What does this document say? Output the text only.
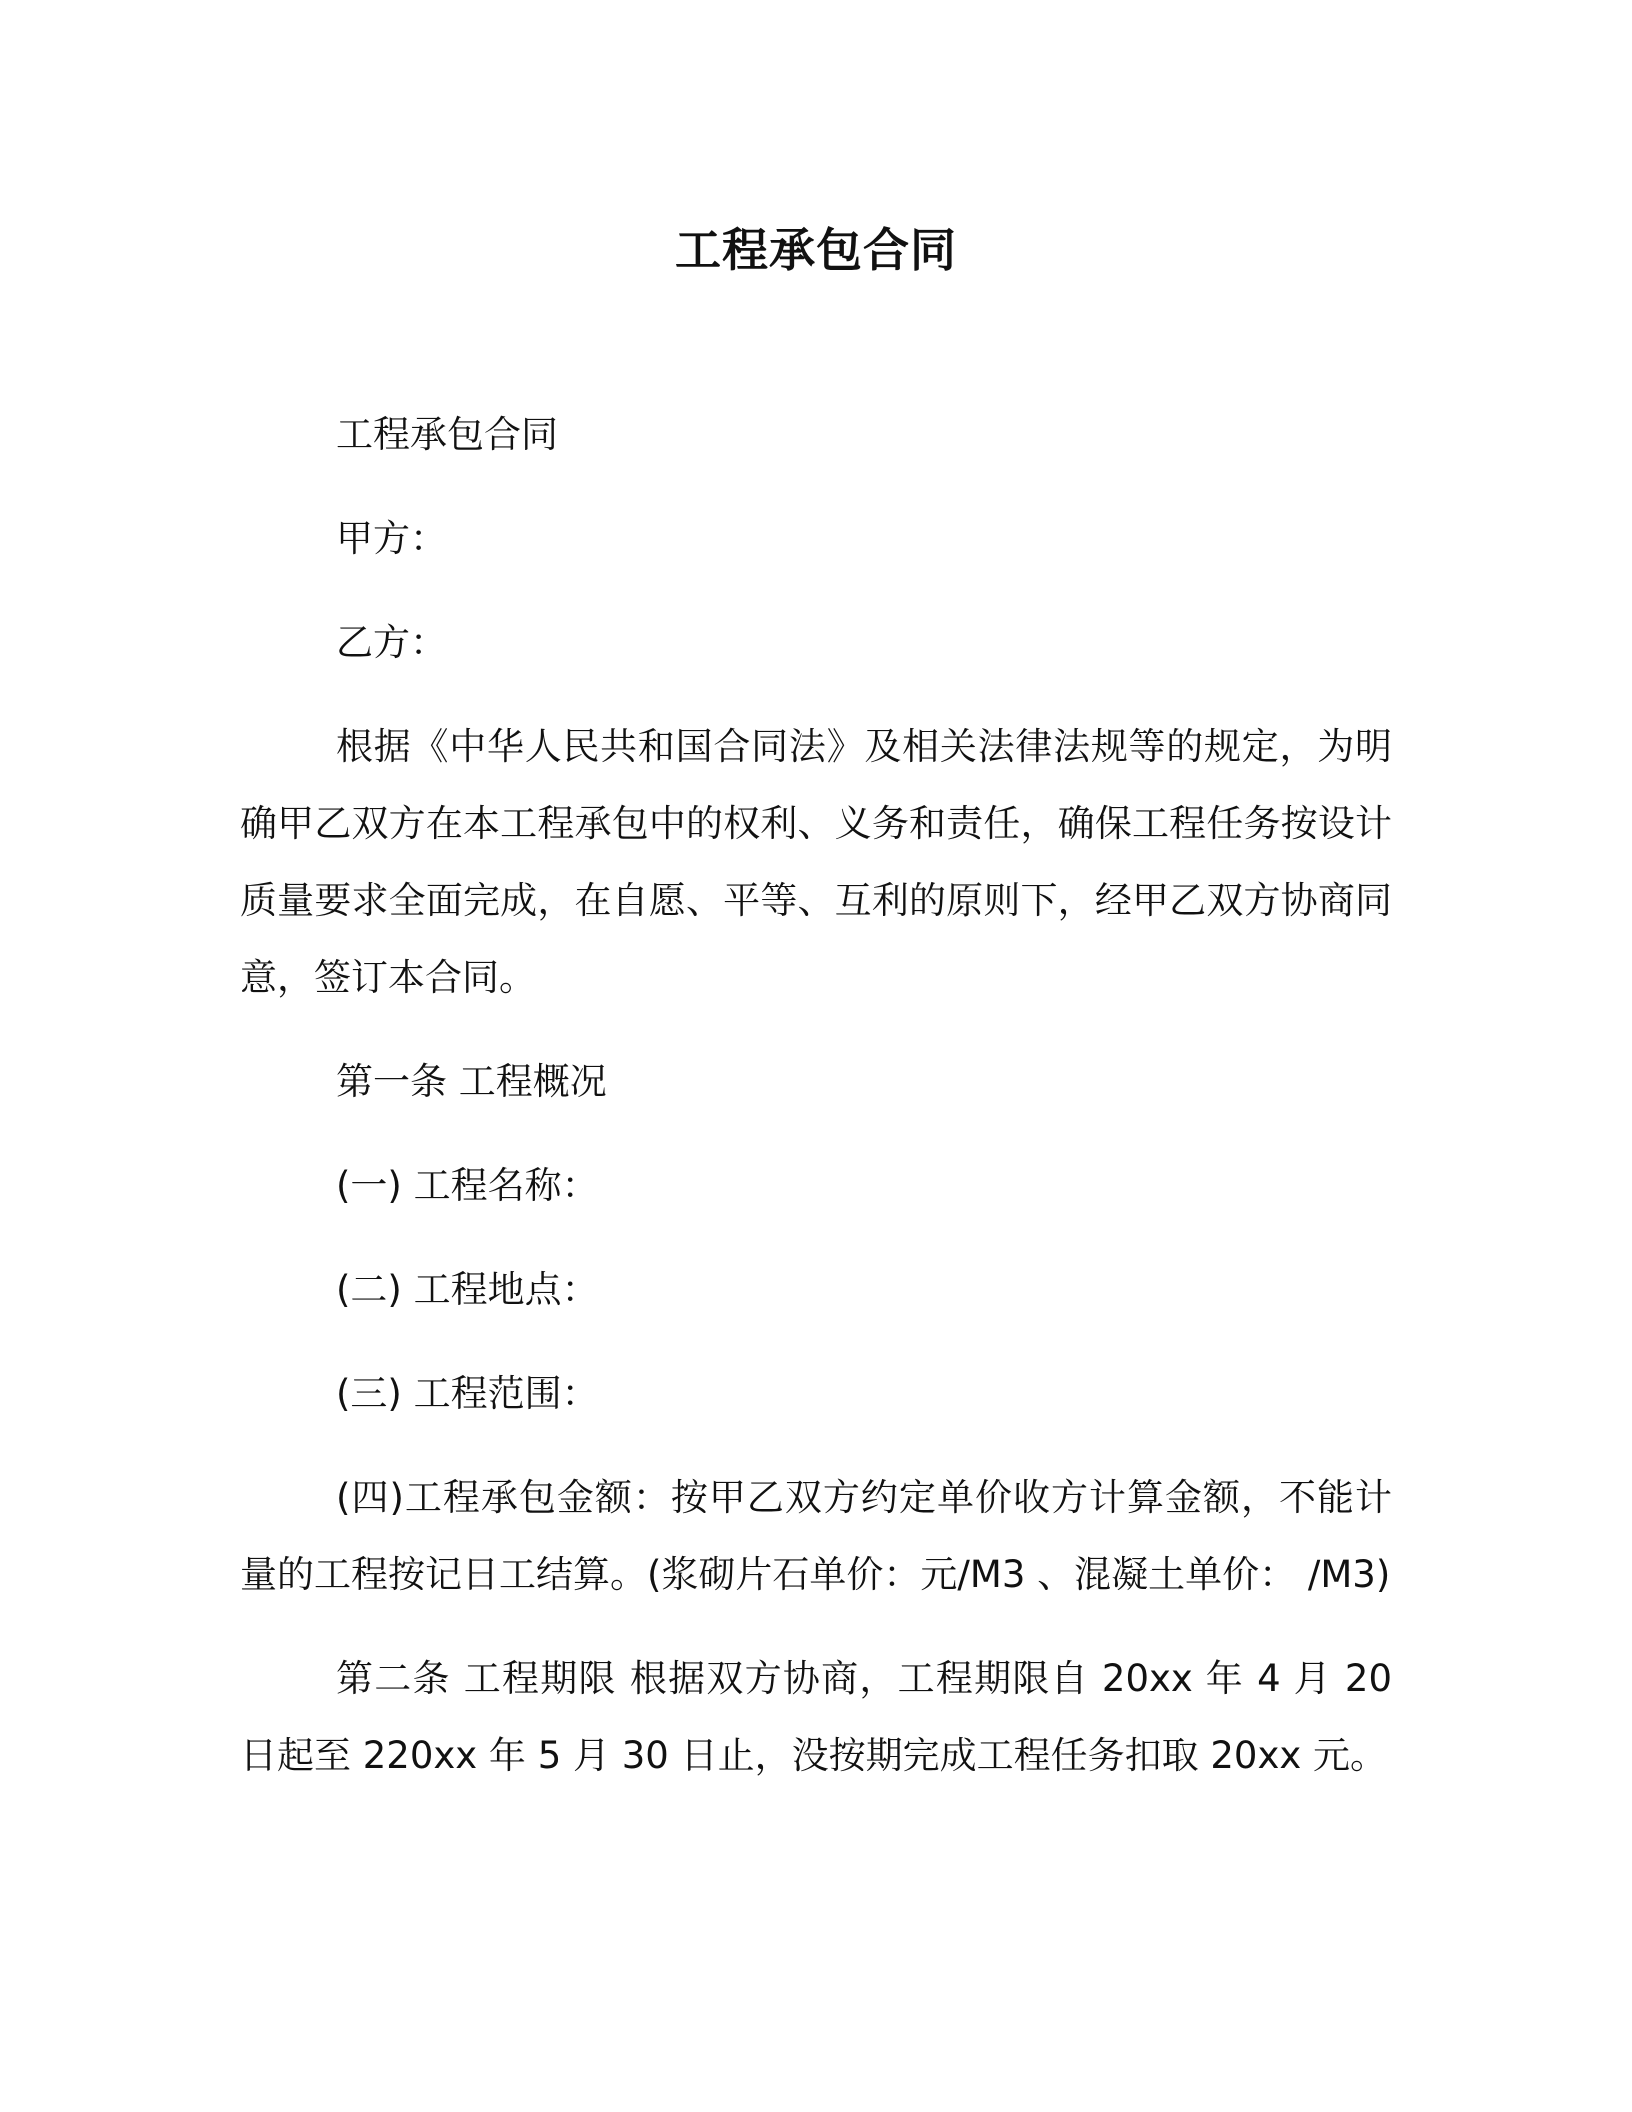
工程承包合同

工程承包合同

甲方：

乙方：

根据《中华人民共和国合同法》及相关法律法规等的规定，为明确甲乙双方在本工程承包中的权利、义务和责任，确保工程任务按设计质量要求全面完成，在自愿、平等、互利的原则下，经甲乙双方协商同意，签订本合同。

第一条 工程概况

(一) 工程名称：

(二) 工程地点：

(三) 工程范围：

(四)工程承包金额：按甲乙双方约定单价收方计算金额，不能计量的工程按记日工结算。(浆砌片石单价：元/M3 、混凝土单价： /M3)

第二条 工程期限 根据双方协商，工程期限自 20xx 年 4 月 20 日起至 220xx 年 5 月 30 日止，没按期完成工程任务扣取 20xx 元。
